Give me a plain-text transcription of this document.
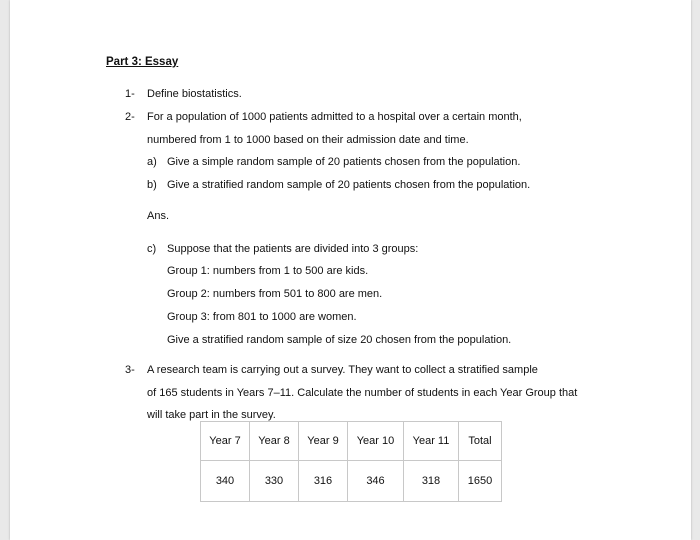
Part 3: Essay
1- Define biostatistics.
2- For a population of 1000 patients admitted to a hospital over a certain month,
numbered from 1 to 1000 based on their admission date and time.
a) Give a simple random sample of 20 patients chosen from the population.
b) Give a stratified random sample of 20 patients chosen from the population.
Ans.
c) Suppose that the patients are divided into 3 groups:
Group 1: numbers from 1 to 500 are kids.
Group 2: numbers from 501 to 800 are men.
Group 3: from 801 to 1000 are women.
Give a stratified random sample of size 20 chosen from the population.
3- A research team is carrying out a survey. They want to collect a stratified sample
of 165 students in Years 7–11. Calculate the number of students in each Year Group that
will take part in the survey.
Year 7	Year 8	Year 9	Year 10	Year 11	Total
340	330	316	346	318	1650
